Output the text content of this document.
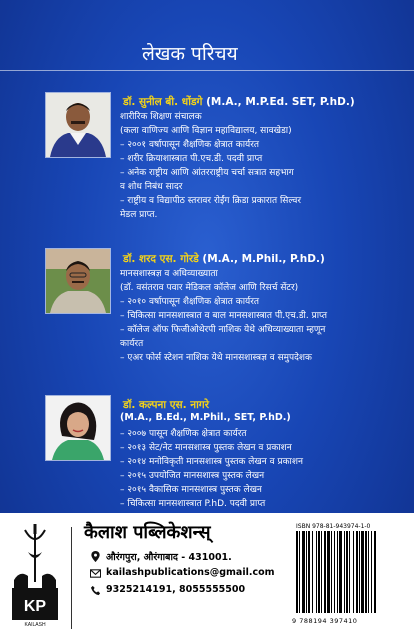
लेखक परिचय
डॉ. सुनील बी. धोंडगे (M.A., M.P.Ed. SET, P.hD.)
शारीरिक शिक्षण संचालक
(कला वाणिज्य आणि विज्ञान महाविद्यालय, सावखेडा)
– २००१ वर्षापासून शैक्षणिक क्षेत्रात कार्यरत
– शरीर क्रियाशास्त्रात पी.एच.डी. पदवी प्राप्त
– अनेक राष्ट्रीय आणि आंतरराष्ट्रीय चर्चा सत्रात सहभाग
व शोध निबंध सादर
– राष्ट्रीय व विद्यापीठ स्तरावर रोईंग क्रिडा प्रकारात सिल्वर
मेडल प्राप्त.
डॉ. शरद एस. गोरडे (M.A., M.Phil., P.hD.)
मानसशास्त्रज्ञ व अधिव्याख्याता
(डॉ. वसंतराव पवार मेडिकल कॉलेज आणि रिसर्च सेंटर)
– २०१० वर्षापासून शैक्षणिक क्षेत्रात कार्यरत
– चिकित्सा मानसशास्त्रात व बाल मानसशास्त्रात पी.एच.डी. प्राप्त
– कॉलेज ऑफ फिजीओथेरपी नाशिक येथे अधिव्याख्याता म्हणून
कार्यरत
– एअर फोर्स स्टेशन नाशिक येथे मानसशास्त्रज्ञ व समुपदेशक
डॉ. कल्पना एस. नागरे
(M.A., B.Ed., M.Phil., SET, P.hD.)
– २००७ पासून शैक्षणिक क्षेत्रात कार्यरत
– २०१३ सेट/नेट मानसशास्त्र पुस्तक लेखन व प्रकाशन
– २०१४ मनोविकृती मानसशास्त्र पुस्तक लेखन व प्रकाशन
– २०१५ उपयोजित मानसशास्त्र पुस्तक लेखन
– २०१५ वैकासिक मानसशास्त्र पुस्तक लेखन
– चिकित्सा मानसशास्त्रात P.hD. पदवी प्राप्त
KP
KAILASH
कैलाश पब्लिकेशन्स्
औरंगपुरा, औरंगाबाद - 431001.
kailashpublications@gmail.com
9325214191, 8055555500
ISBN 978-81-943974-1-0
9 788194 397410
